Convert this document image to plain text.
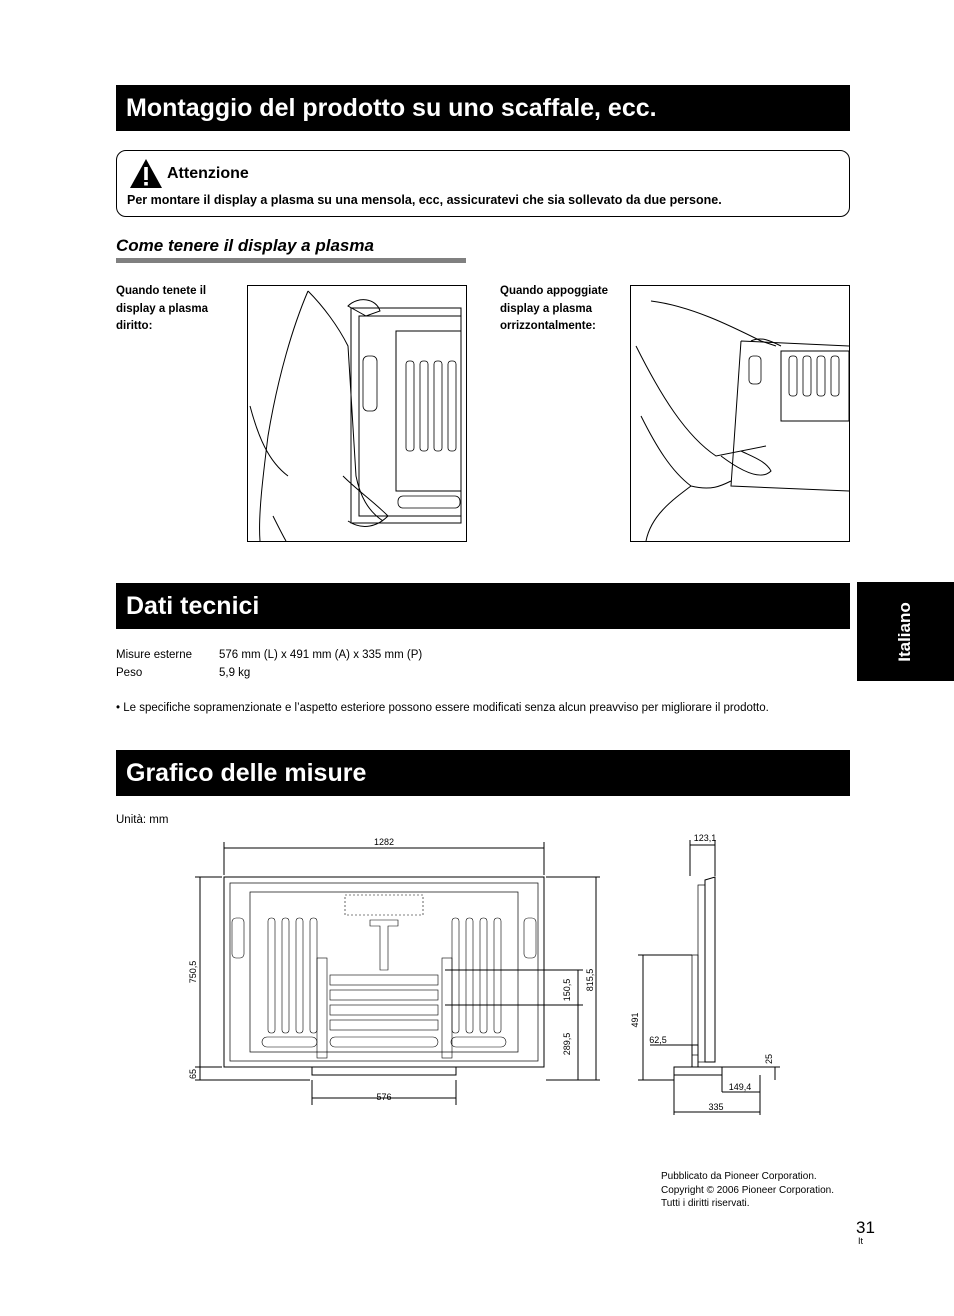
Montaggio del prodotto su uno scaffale, ecc.
Attenzione
Per montare il display a plasma su una mensola, ecc, assicuratevi che sia sollevato da due persone.
Come tenere il display a plasma
Quando tenete il display a plasma diritto:
Quando appoggiate display a plasma orrizzontalmente:
Dati tecnici
Misure esterne 576 mm (L) x 491 mm (A) x 335 mm (P)
Peso	5,9 kg
• Le specifiche sopramenzionate e l’aspetto esteriore possono essere modificati senza alcun preavviso per migliorare il prodotto.
Italiano
Grafico delle misure
Unità: mm
1282
750,5
65
576
150,5 815,5
289,5
123,1
491
62,5
25
149,4
335
Pubblicato da Pioneer Corporation.
Copyright © 2006 Pioneer Corporation.
Tutti i diritti riservati.
31
It
